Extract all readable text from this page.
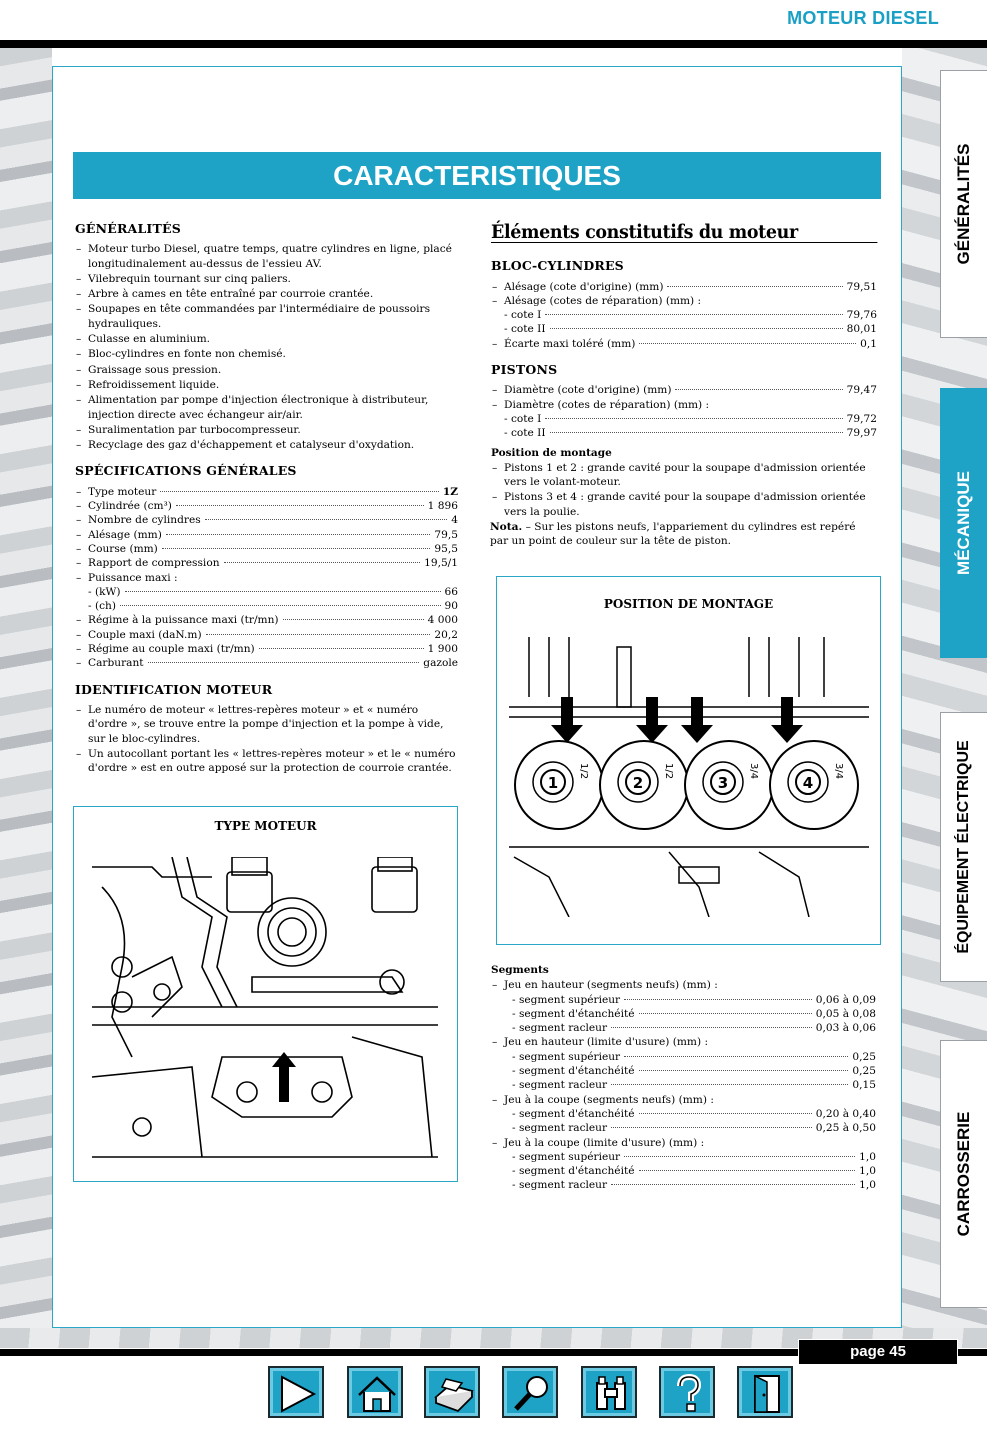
MOTEUR DIESEL
CARACTERISTIQUES
GÉNÉRALITÉS
– Moteur turbo Diesel, quatre temps, quatre cylindres en ligne, placé longitudinalement au-dessus de l'essieu AV.
– Vilebrequin tournant sur cinq paliers.
– Arbre à cames en tête entraîné par courroie crantée.
– Soupapes en tête commandées par l'intermédiaire de poussoirs hydrauliques.
– Culasse en aluminium.
– Bloc-cylindres en fonte non chemisé.
– Graissage sous pression.
– Refroidissement liquide.
– Alimentation par pompe d'injection électronique à distributeur, injection directe avec échangeur air/air.
– Suralimentation par turbocompresseur.
– Recyclage des gaz d'échappement et catalyseur d'oxydation.
SPÉCIFICATIONS GÉNÉRALES
– Type moteur	1Z
– Cylindrée (cm³)	1 896
– Nombre de cylindres	4
– Alésage (mm)	79,5
– Course (mm)	95,5
– Rapport de compression	19,5/1
– Puissance maxi :
- (kW)	66
- (ch)	90
– Régime à la puissance maxi (tr/mn)	4 000
– Couple maxi (daN.m)	20,2
– Régime au couple maxi (tr/mn)	1 900
– Carburant	gazole
IDENTIFICATION MOTEUR
– Le numéro de moteur « lettres-repères moteur » et « numéro d'ordre », se trouve entre la pompe d'injection et la pompe à vide, sur le bloc-cylindres.
– Un autocollant portant les « lettres-repères moteur » et le « numéro d'ordre » est en outre apposé sur la protection de courroie crantée.
TYPE MOTEUR
Éléments constitutifs du moteur
BLOC-CYLINDRES
– Alésage (cote d'origine) (mm)	79,51
– Alésage (cotes de réparation) (mm) :
- cote I	79,76
- cote II	80,01
– Écarte maxi toléré (mm)	0,1
PISTONS
– Diamètre (cote d'origine) (mm)	79,47
– Diamètre (cotes de réparation) (mm) :
- cote I	79,72
- cote II	79,97
Position de montage
– Pistons 1 et 2 : grande cavité pour la soupape d'admission orientée vers le volant-moteur.
– Pistons 3 et 4 : grande cavité pour la soupape d'admission orientée vers la poulie.
Nota. – Sur les pistons neufs, l'appariement du cylindres est repéré par un point de couleur sur la tête de piston.
POSITION DE MONTAGE
1
1/2
2
1/2
3
3/4
4
3/4
Segments
– Jeu en hauteur (segments neufs) (mm) :
- segment supérieur	0,06 à 0,09
- segment d'étanchéité	0,05 à 0,08
- segment racleur	0,03 à 0,06
– Jeu en hauteur (limite d'usure) (mm) :
- segment supérieur	0,25
- segment d'étanchéité	0,25
- segment racleur	0,15
– Jeu à la coupe (segments neufs) (mm) :
- segment d'étanchéité	0,20 à 0,40
- segment racleur	0,25 à 0,50
– Jeu à la coupe (limite d'usure) (mm) :
- segment supérieur	1,0
- segment d'étanchéité	1,0
- segment racleur	1,0
GÉNÉRALITÉS
MÉCANIQUE
ÉQUIPEMENT ÉLECTRIQUE
CARROSSERIE
page 45
